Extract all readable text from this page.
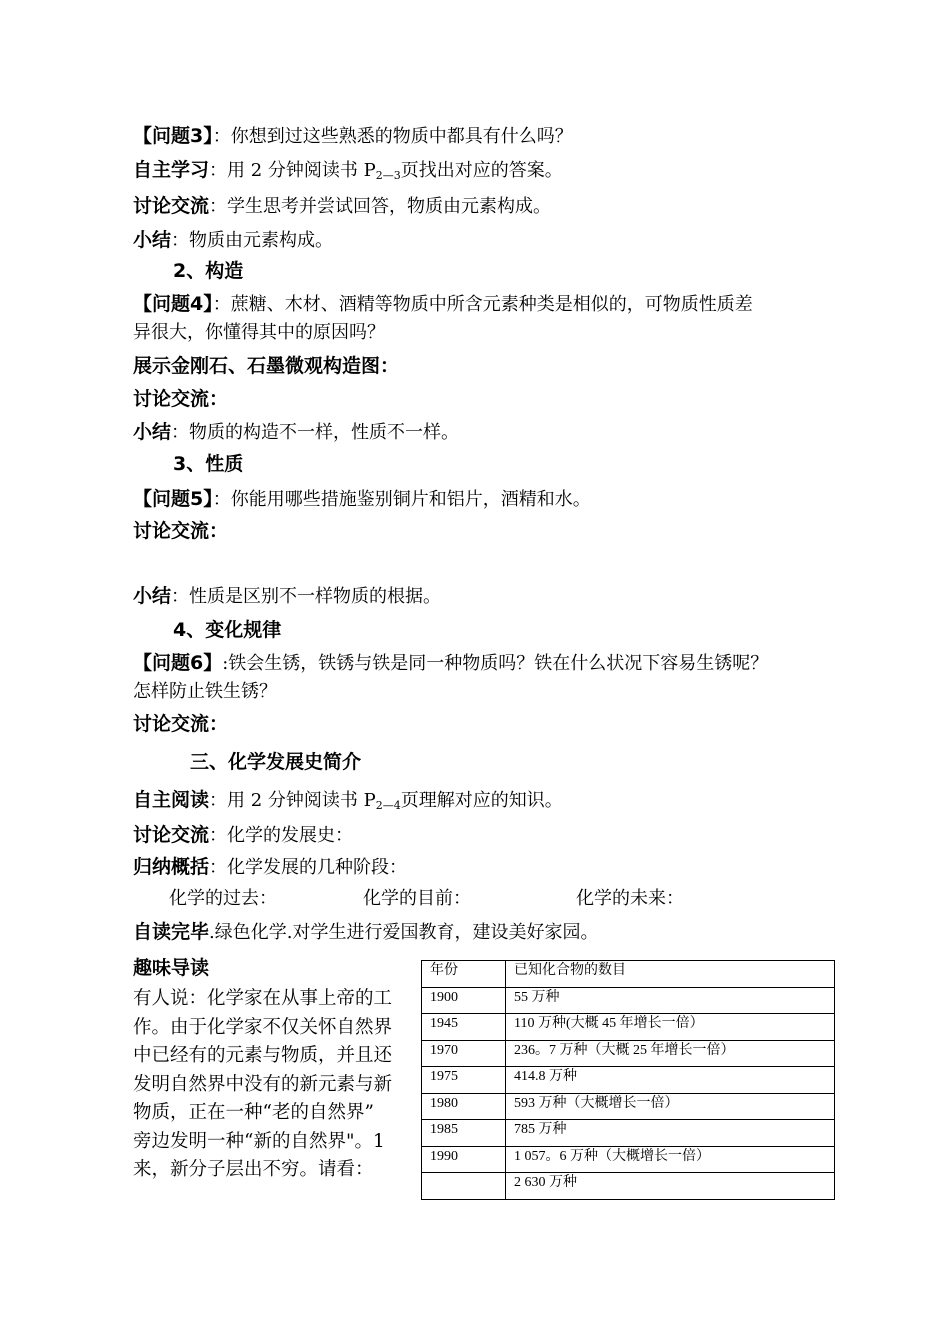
【问题3】：你想到过这些熟悉的物质中都具有什么吗？
自主学习：用 2 分钟阅读书 $P_{2—3}$页找出对应的答案。
讨论交流：学生思考并尝试回答，物质由元素构成。
小结：物质由元素构成。
2、构造
【问题4】：蔗糖、木材、酒精等物质中所含元素种类是相似的，可物质性质差
异很大，你懂得其中的原因吗？
展示金刚石、石墨微观构造图：
讨论交流：
小结：物质的构造不一样，性质不一样。
3、性质
【问题5】：你能用哪些措施鉴别铜片和铝片，酒精和水。
讨论交流：
小结：性质是区别不一样物质的根据。
4、变化规律
【问题6】:铁会生锈，铁锈与铁是同一种物质吗？铁在什么状况下容易生锈呢？
怎样防止铁生锈？
讨论交流：
三、化学发展史简介
自主阅读：用 2 分钟阅读书 $P_{2—4}$页理解对应的知识。
讨论交流：化学的发展史：
归纳概括：化学发展的几种阶段：
化学的过去：	化学的目前：	化学的未来：
自读完毕.绿色化学.对学生进行爱国教育，建设美好家园。
趣味导读
有人说：化学家在从事上帝的工
作。由于化学家不仅关怀自然界
中已经有的元素与物质，并且还
发明自然界中没有的新元素与新
物质，正在一种“老的自然界”
旁边发明一种“新的自然界"。1
来，新分子层出不穷。请看：
年份	已知化合物的数目
1900	55 万种
1945	110 万种(大概 45 年增长一倍）
1970	236。7 万种（大概 25 年增长一倍）
1975	414.8 万种
1980	593 万种（大概增长一倍）
1985	785 万种
1990	1 057。6 万种（大概增长一倍）
	2 630 万种
